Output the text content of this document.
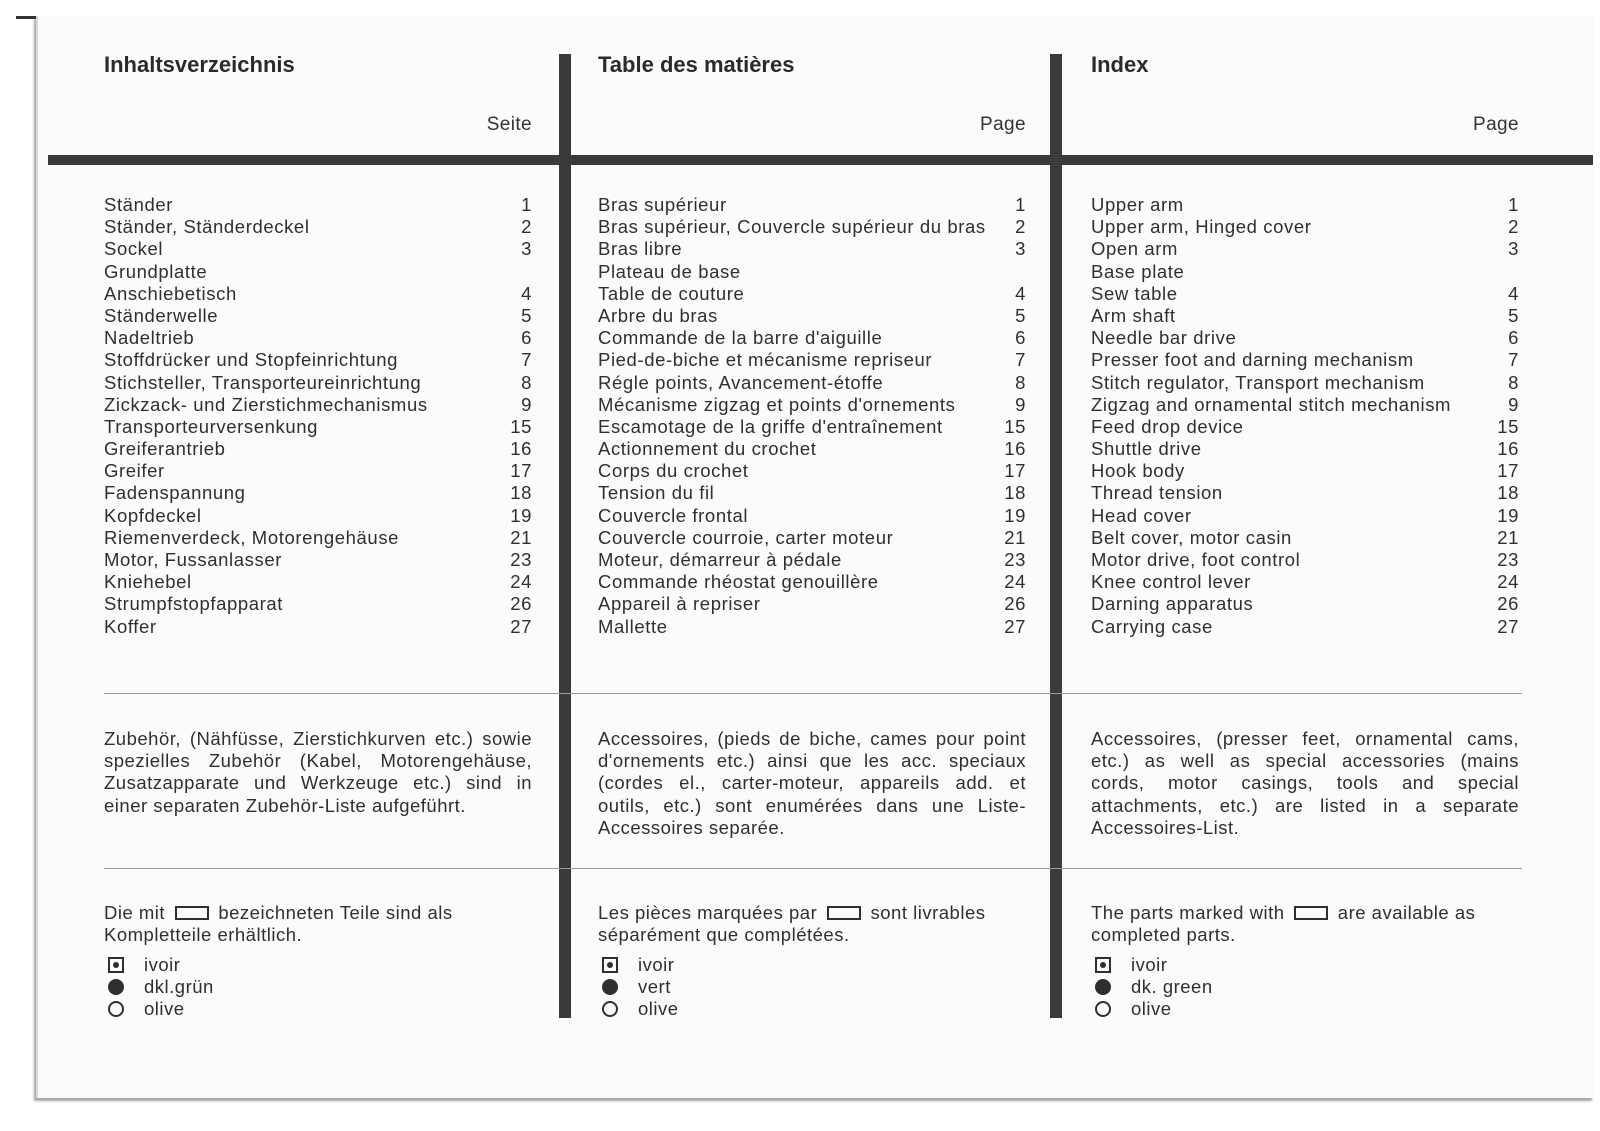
Inhaltsverzeichnis
Seite
Ständer	1
Ständer, Ständerdeckel	2
Sockel	3
Grundplatte
Anschiebetisch	4
Ständerwelle	5
Nadeltrieb	6
Stoffdrücker und Stopfeinrichtung	7
Stichsteller, Transporteureinrichtung	8
Zickzack- und Zierstichmechanismus	9
Transporteurversenkung	15
Greiferantrieb	16
Greifer	17
Fadenspannung	18
Kopfdeckel	19
Riemenverdeck, Motorengehäuse	21
Motor, Fussanlasser	23
Kniehebel	24
Strumpfstopfapparat	26
Koffer	27

Zubehör, (Nähfüsse, Zierstichkurven etc.) sowie spezielles Zubehör (Kabel, Motorengehäuse, Zusatzapparate und Werkzeuge etc.) sind in einer separaten Zubehör-Liste aufgeführt.

Die mit	bezeichneten Teile sind als Kompletteile erhältlich.

ivoir
dkl.grün
olive
Table des matières
Page
Bras supérieur	1
Bras supérieur, Couvercle supérieur du bras	2
Bras libre	3
Plateau de base
Table de couture	4
Arbre du bras	5
Commande de la barre d'aiguille	6
Pied-de-biche et mécanisme repriseur	7
Régle points, Avancement-étoffe	8
Mécanisme zigzag et points d'ornements	9
Escamotage de la griffe d'entraînement	15
Actionnement du crochet	16
Corps du crochet	17
Tension du fil	18
Couvercle frontal	19
Couvercle courroie, carter moteur	21
Moteur, démarreur à pédale	23
Commande rhéostat genouillère	24
Appareil à repriser	26
Mallette	27

Accessoires, (pieds de biche, cames pour point d'ornements etc.) ainsi que les acc. speciaux (cordes el., carter-moteur, appareils add. et outils, etc.) sont enumérées dans une Liste-Accessoires separée.

Les pièces marquées par	sont livrables séparément que complétées.

ivoir
vert
olive
Index
Page
Upper arm	1
Upper arm, Hinged cover	2
Open arm	3
Base plate
Sew table	4
Arm shaft	5
Needle bar drive	6
Presser foot and darning mechanism	7
Stitch regulator, Transport mechanism	8
Zigzag and ornamental stitch mechanism	9
Feed drop device	15
Shuttle drive	16
Hook body	17
Thread tension	18
Head cover	19
Belt cover, motor casin	21
Motor drive, foot control	23
Knee control lever	24
Darning apparatus	26
Carrying case	27

Accessoires, (presser feet, ornamental cams, etc.) as well as special accessories (mains cords, motor casings, tools and special attachments, etc.) are listed in a separate Accessoires-List.

The parts marked with	are available as completed parts.

ivoir
dk. green
olive
